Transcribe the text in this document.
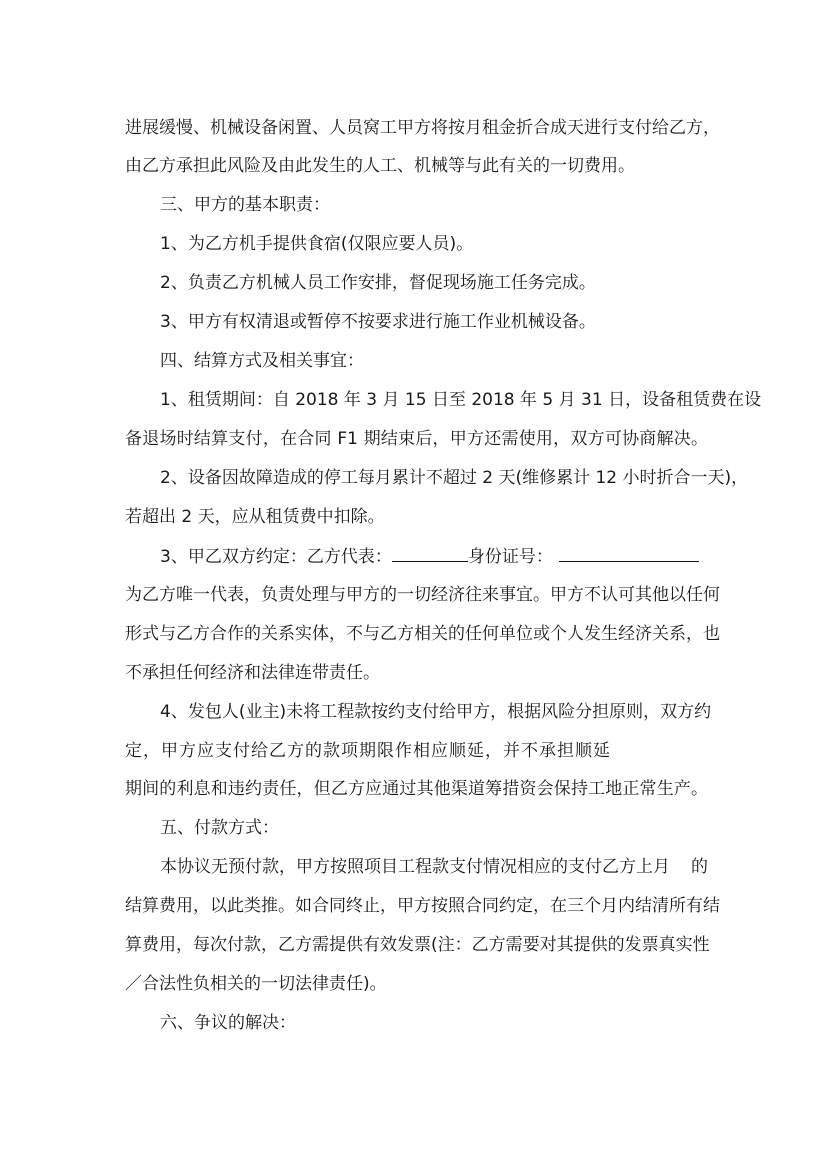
进展缓慢、机械设备闲置、人员窝工甲方将按月租金折合成天进行支付给乙方，
由乙方承担此风险及由此发生的人工、机械等与此有关的一切费用。
三、甲方的基本职责：
1、为乙方机手提供食宿(仅限应要人员)。
2、负责乙方机械人员工作安排，督促现场施工任务完成。
3、甲方有权清退或暂停不按要求进行施工作业机械设备。
四、结算方式及相关事宜：
1、租赁期间：自 2018 年 3 月 15 日至 2018 年 5 月 31 日，设备租赁费在设
备退场时结算支付，在合同 F1 期结束后，甲方还需使用，双方可协商解决。
2、设备因故障造成的停工每月累计不超过 2 天(维修累计 12 小时折合一天)，
若超出 2 天，应从租赁费中扣除。
3、甲乙双方约定：乙方代表：	身份证号：
为乙方唯一代表，负责处理与甲方的一切经济往来事宜。甲方不认可其他以任何
形式与乙方合作的关系实体，不与乙方相关的任何单位或个人发生经济关系，也
不承担任何经济和法律连带责任。
4、发包人(业主)未将工程款按约支付给甲方，根据风险分担原则，双方约
定，甲方应支付给乙方的款项期限作相应顺延，并不承担顺延
期间的利息和违约责任，但乙方应通过其他渠道筹措资会保持工地正常生产。
五、付款方式：
本协议无预付款，甲方按照项目工程款支付情况相应的支付乙方上月 的
结算费用，以此类推。如合同终止，甲方按照合同约定，在三个月内结清所有结
算费用，每次付款，乙方需提供有效发票(注：乙方需要对其提供的发票真实性
／合法性负相关的一切法律责任)。
六、争议的解决：
